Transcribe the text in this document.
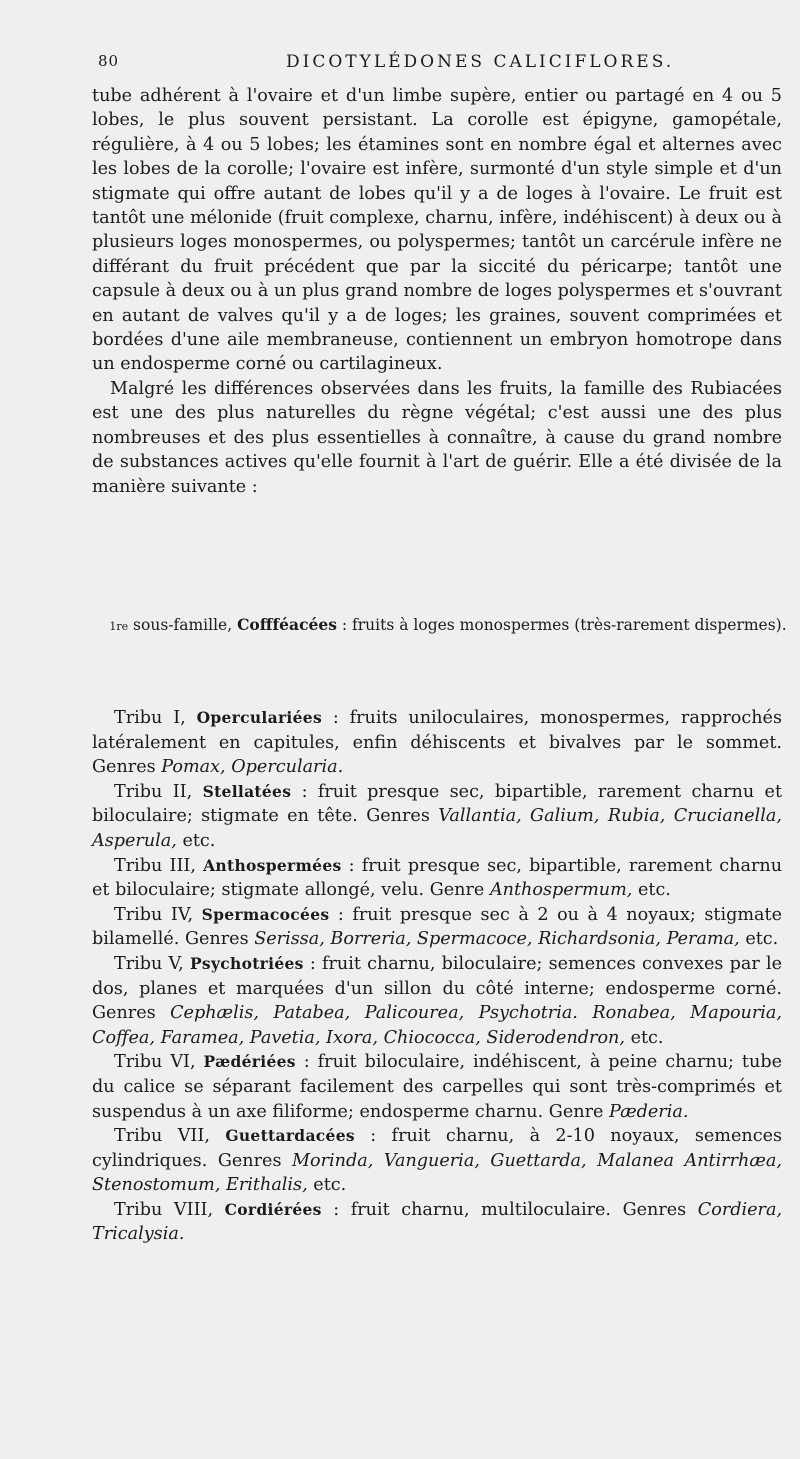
80	DICOTYLÉDONES CALICIFLORES.

tube adhérent à l'ovaire et d'un limbe supère, entier ou partagé en 4 ou 5 lobes, le plus souvent persistant. La corolle est épigyne, gamopétale, régulière, à 4 ou 5 lobes; les étamines sont en nombre égal et alternes avec les lobes de la corolle; l'ovaire est infère, surmonté d'un style simple et d'un stigmate qui offre autant de lobes qu'il y a de loges à l'ovaire. Le fruit est tantôt une mélonide (fruit complexe, charnu, infère, indéhiscent) à deux ou à plusieurs loges monospermes, ou polyspermes; tantôt un carcérule infère ne différant du fruit précédent que par la siccité du péricarpe; tantôt une capsule à deux ou à un plus grand nombre de loges polyspermes et s'ouvrant en autant de valves qu'il y a de loges; les graines, souvent comprimées et bordées d'une aile membraneuse, contiennent un embryon homotrope dans un endosperme corné ou cartilagineux.

Malgré les différences observées dans les fruits, la famille des Rubiacées est une des plus naturelles du règne végétal; c'est aussi une des plus nombreuses et des plus essentielles à connaître, à cause du grand nombre de substances actives qu'elle fournit à l'art de guérir. Elle a été divisée de la manière suivante :

1re sous-famille, Coffféacées : fruits à loges monospermes (très-rarement dispermes).

Tribu I, Operculariées : fruits uniloculaires, monospermes, rapprochés latéralement en capitules, enfin déhiscents et bivalves par le sommet. Genres Pomax, Opercularia.

Tribu II, Stellatées : fruit presque sec, bipartible, rarement charnu et biloculaire; stigmate en tête. Genres Vallantia, Galium, Rubia, Crucianella, Asperula, etc.

Tribu III, Anthospermées : fruit presque sec, bipartible, rarement charnu et biloculaire; stigmate allongé, velu. Genre Anthospermum, etc.

Tribu IV, Spermacocées : fruit presque sec à 2 ou à 4 noyaux; stigmate bilamellé. Genres Serissa, Borreria, Spermacoce, Richardsonia, Perama, etc.

Tribu V, Psychotriées : fruit charnu, biloculaire; semences convexes par le dos, planes et marquées d'un sillon du côté interne; endosperme corné. Genres Cephælis, Patabea, Palicourea, Psychotria. Ronabea, Mapouria, Coffea, Faramea, Pavetia, Ixora, Chiococca, Siderodendron, etc.

Tribu VI, Pædériées : fruit biloculaire, indéhiscent, à peine charnu; tube du calice se séparant facilement des carpelles qui sont très-comprimés et suspendus à un axe filiforme; endosperme charnu. Genre Pæderia.

Tribu VII, Guettardacées : fruit charnu, à 2-10 noyaux, semences cylindriques. Genres Morinda, Vangueria, Guettarda, Malanea Antirrhæa, Stenostomum, Erithalis, etc.

Tribu VIII, Cordiérées : fruit charnu, multiloculaire. Genres Cordiera, Tricalysia.
